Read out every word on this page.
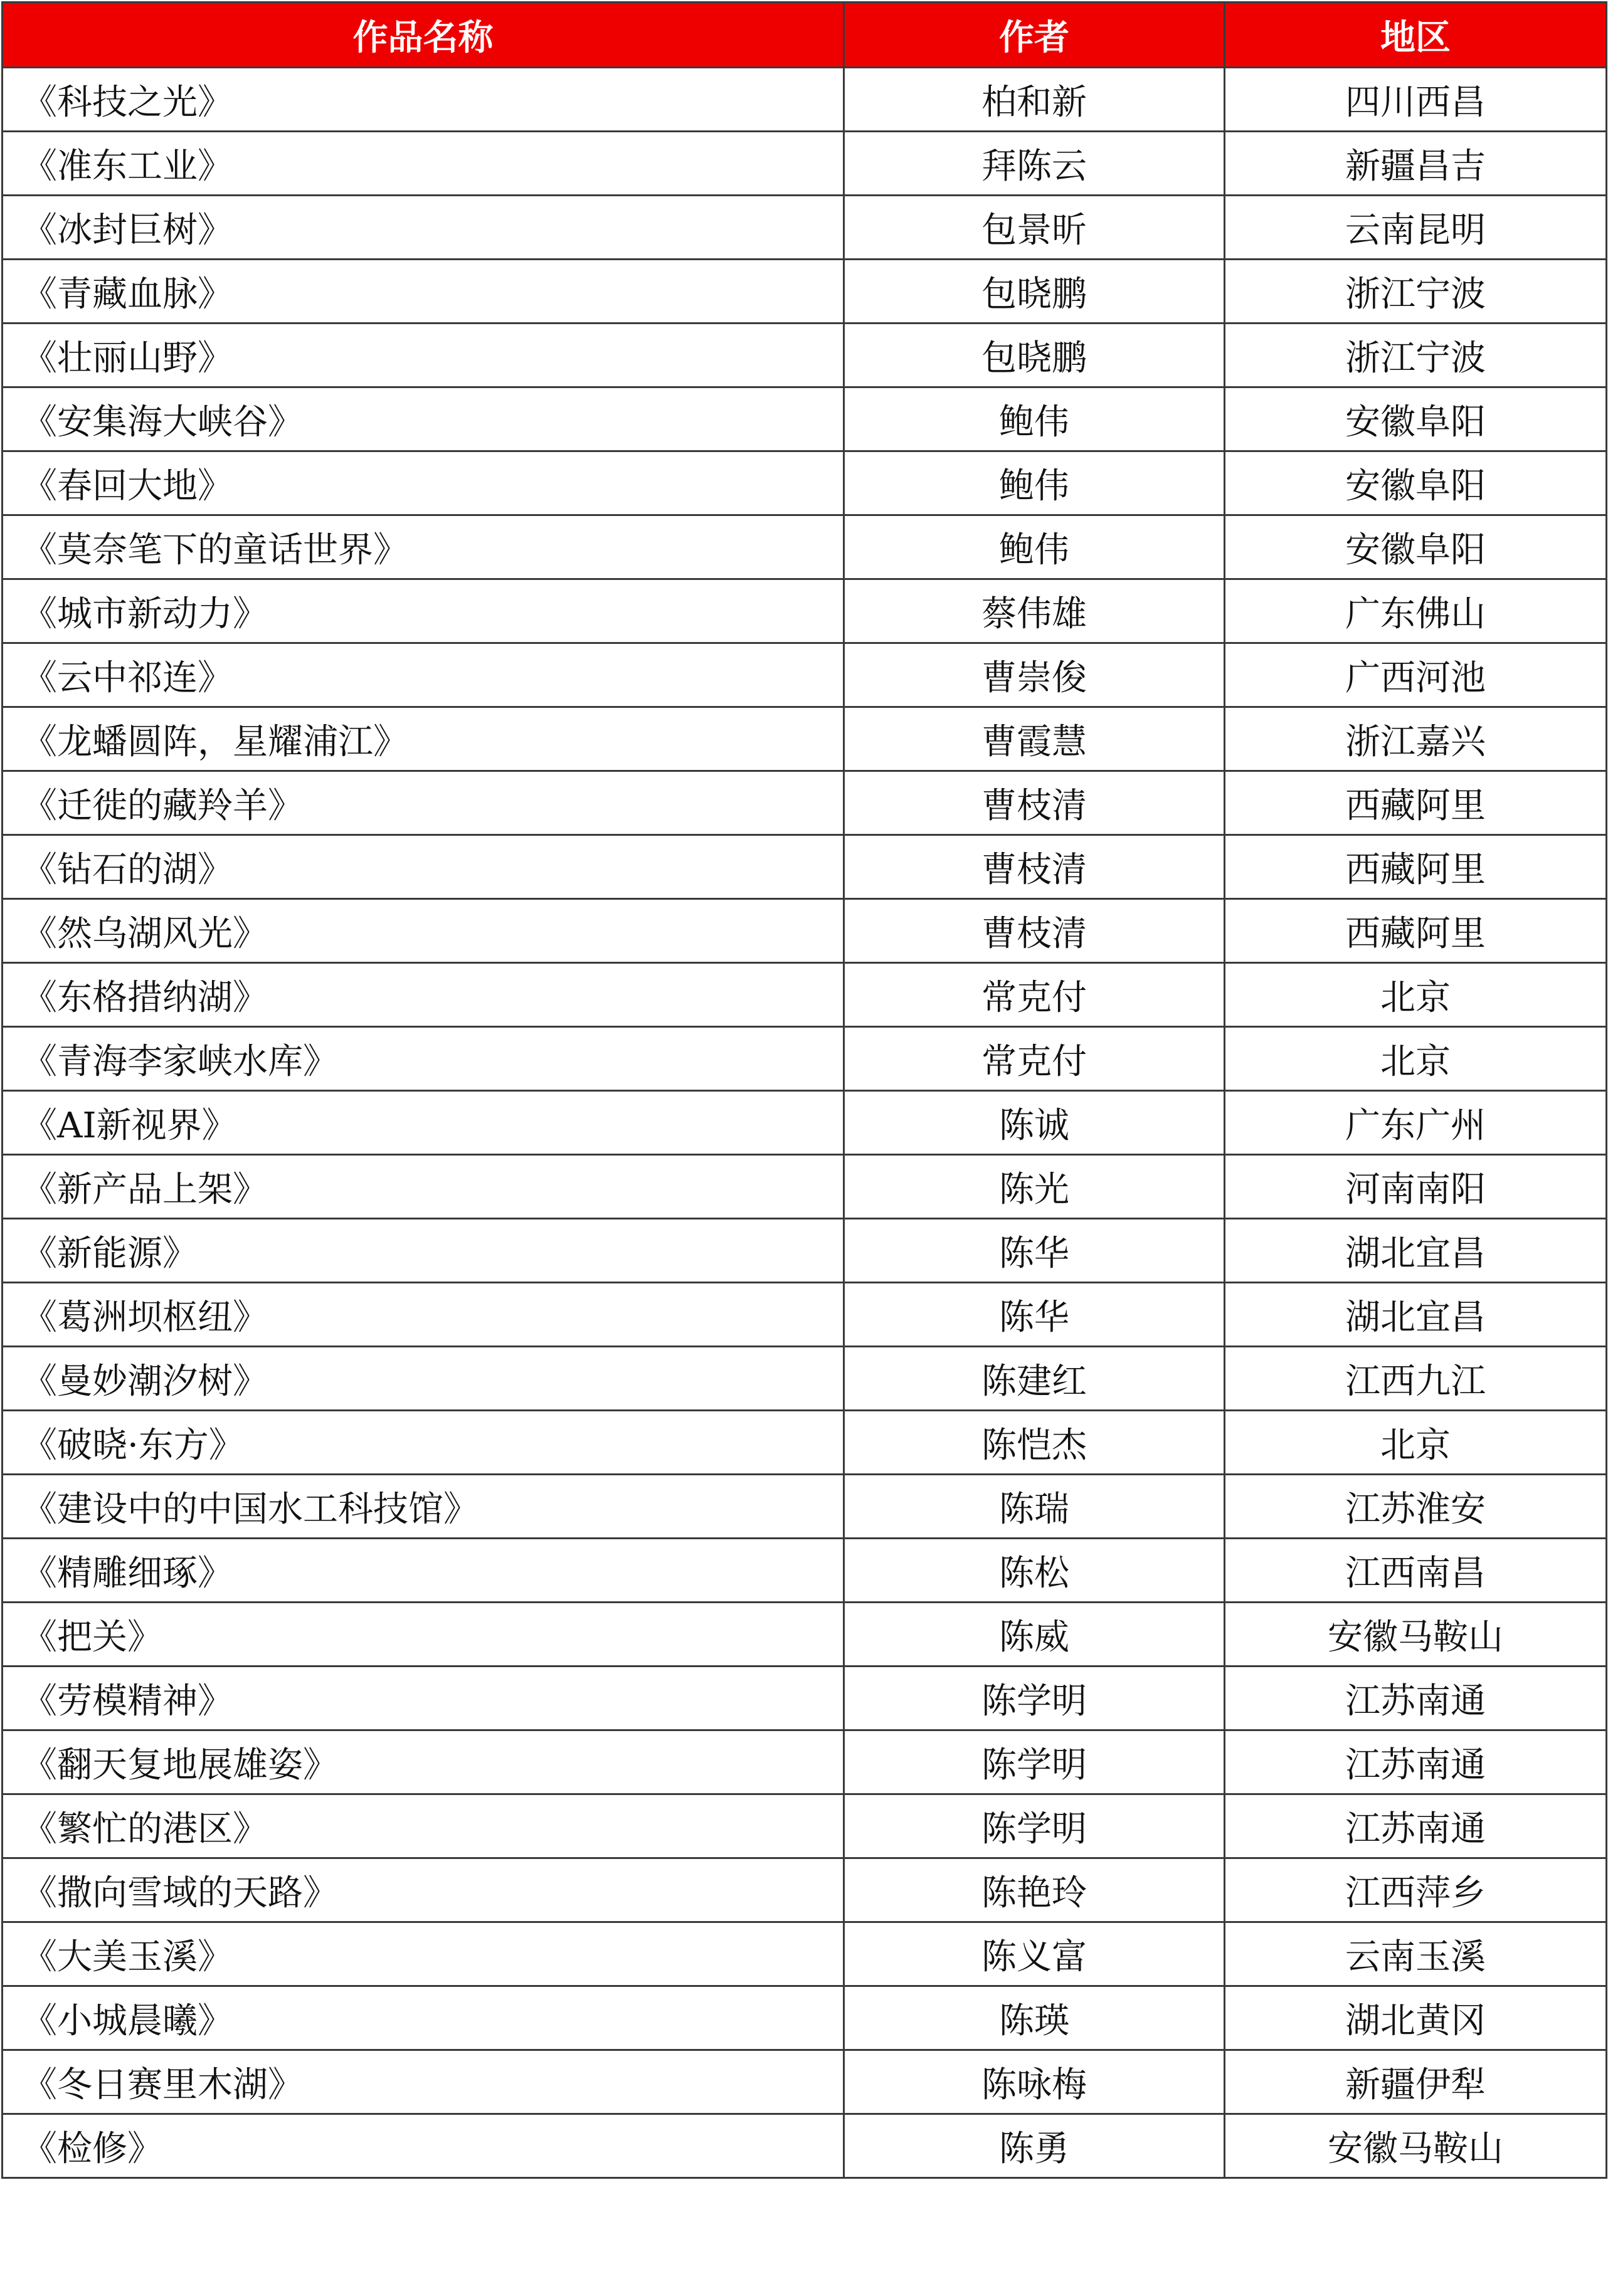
作品名称	作者	地区
《科技之光》	柏和新	四川西昌
《准东工业》	拜陈云	新疆昌吉
《冰封巨树》	包景昕	云南昆明
《青藏血脉》	包晓鹏	浙江宁波
《壮丽山野》	包晓鹏	浙江宁波
《安集海大峡谷》	鲍伟	安徽阜阳
《春回大地》	鲍伟	安徽阜阳
《莫奈笔下的童话世界》	鲍伟	安徽阜阳
《城市新动力》	蔡伟雄	广东佛山
《云中祁连》	曹崇俊	广西河池
《龙蟠圆阵，星耀浦江》	曹霞慧	浙江嘉兴
《迁徙的藏羚羊》	曹枝清	西藏阿里
《钻石的湖》	曹枝清	西藏阿里
《然乌湖风光》	曹枝清	西藏阿里
《东格措纳湖》	常克付	北京
《青海李家峡水库》	常克付	北京
《AI新视界》	陈诚	广东广州
《新产品上架》	陈光	河南南阳
《新能源》	陈华	湖北宜昌
《葛洲坝枢纽》	陈华	湖北宜昌
《曼妙潮汐树》	陈建红	江西九江
《破晓·东方》	陈恺杰	北京
《建设中的中国水工科技馆》	陈瑞	江苏淮安
《精雕细琢》	陈松	江西南昌
《把关》	陈威	安徽马鞍山
《劳模精神》	陈学明	江苏南通
《翻天复地展雄姿》	陈学明	江苏南通
《繁忙的港区》	陈学明	江苏南通
《撒向雪域的天路》	陈艳玲	江西萍乡
《大美玉溪》	陈义富	云南玉溪
《小城晨曦》	陈瑛	湖北黄冈
《冬日赛里木湖》	陈咏梅	新疆伊犁
《检修》	陈勇	安徽马鞍山
